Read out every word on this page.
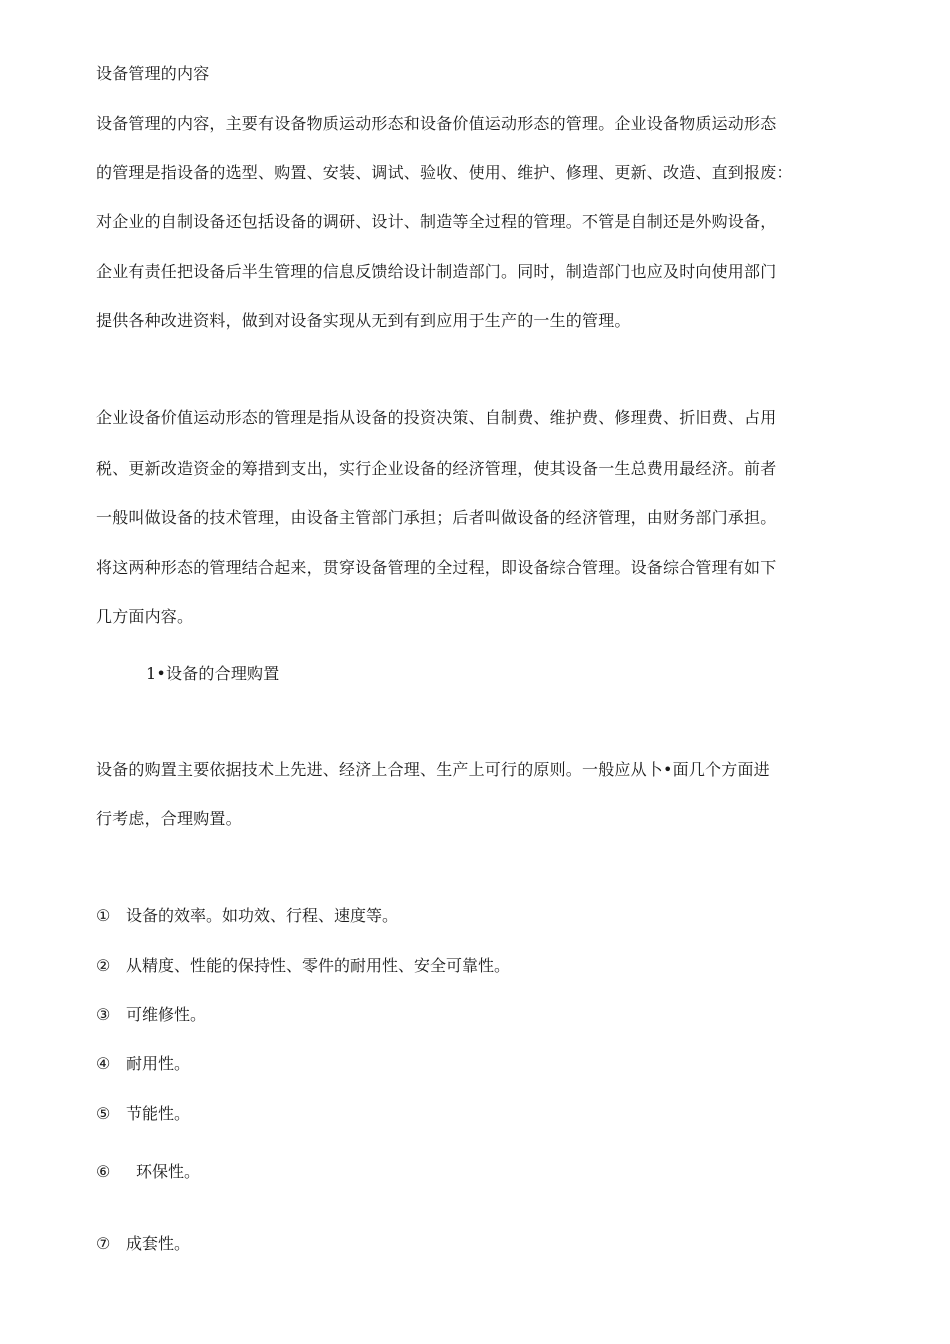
设备管理的内容
设备管理的内容，主要有设备物质运动形态和设备价值运动形态的管理。企业设备物质运动形态
的管理是指设备的选型、购置、安装、调试、验收、使用、维护、修理、更新、改造、直到报废：
对企业的自制设备还包括设备的调研、设计、制造等全过程的管理。不管是自制还是外购设备，
企业有责任把设备后半生管理的信息反馈给设计制造部门。同时，制造部门也应及时向使用部门
提供各种改进资料，做到对设备实现从无到有到应用于生产的一生的管理。
企业设备价值运动形态的管理是指从设备的投资决策、自制费、维护费、修理费、折旧费、占用
税、更新改造资金的筹措到支出，实行企业设备的经济管理，使其设备一生总费用最经济。前者
一般叫做设备的技术管理，由设备主管部门承担；后者叫做设备的经济管理，由财务部门承担。
将这两种形态的管理结合起来，贯穿设备管理的全过程，即设备综合管理。设备综合管理有如下
几方面内容。
1•设备的合理购置
设备的购置主要依据技术上先进、经济上合理、生产上可行的原则。一般应从卜•面几个方面进
行考虑，合理购置。
① 设备的效率。如功效、行程、速度等。
② 从精度、性能的保持性、零件的耐用性、安全可靠性。
③ 可维修性。
④ 耐用性。
⑤ 节能性。
⑥ 环保性。
⑦ 成套性。
